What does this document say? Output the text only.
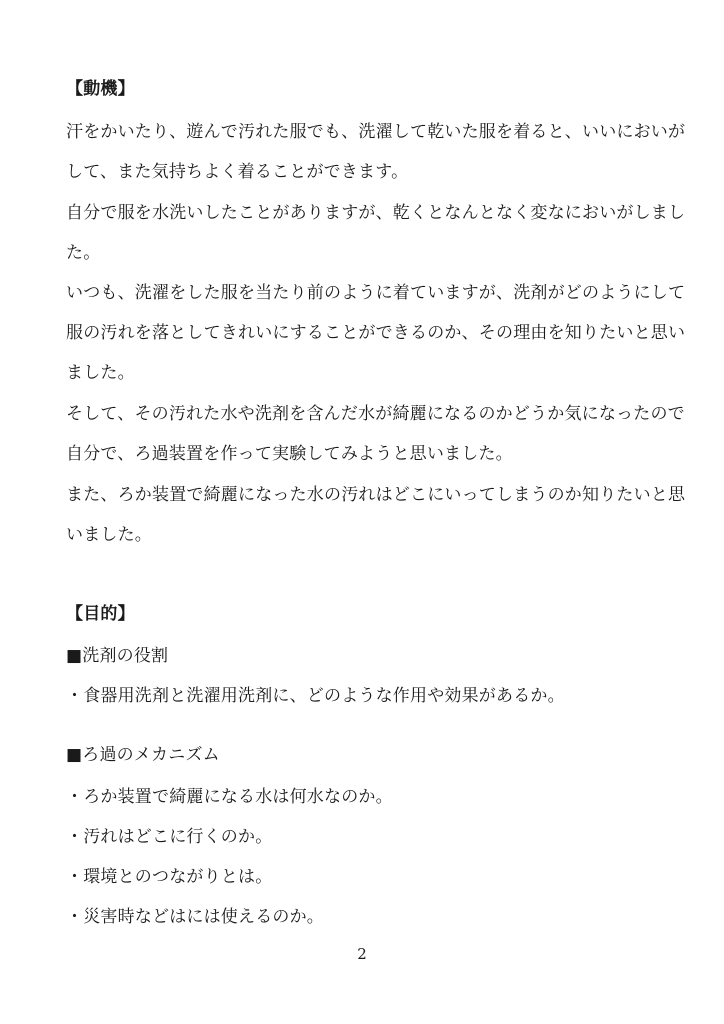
【動機】
汗をかいたり、遊んで汚れた服でも、洗濯して乾いた服を着ると、いいにおいが
して、また気持ちよく着ることができます。
自分で服を水洗いしたことがありますが、乾くとなんとなく変なにおいがしまし
た。
いつも、洗濯をした服を当たり前のように着ていますが、洗剤がどのようにして
服の汚れを落としてきれいにすることができるのか、その理由を知りたいと思い
ました。
そして、その汚れた水や洗剤を含んだ水が綺麗になるのかどうか気になったので
自分で、ろ過装置を作って実験してみようと思いました。
また、ろか装置で綺麗になった水の汚れはどこにいってしまうのか知りたいと思
いました。
【目的】
■洗剤の役割
・食器用洗剤と洗濯用洗剤に、どのような作用や効果があるか。
■ろ過のメカニズム
・ろか装置で綺麗になる水は何水なのか。
・汚れはどこに行くのか。
・環境とのつながりとは。
・災害時などはには使えるのか。
2
